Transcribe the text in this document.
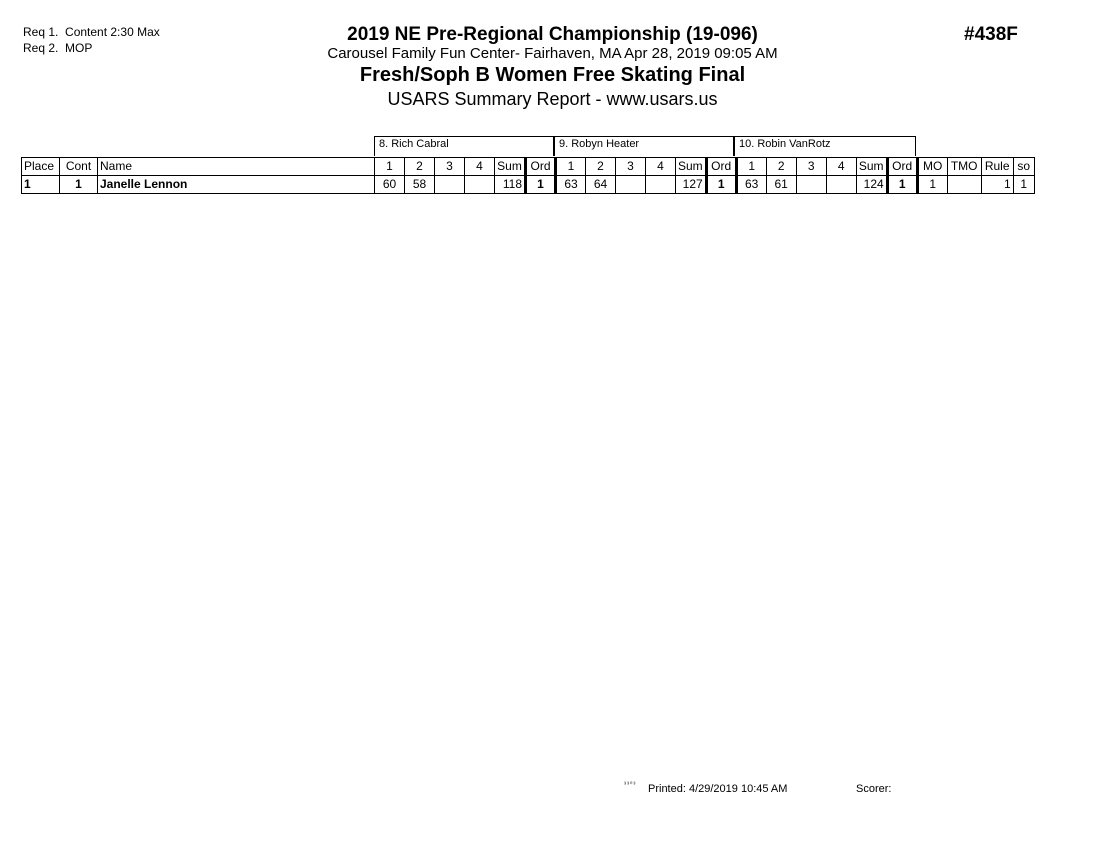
Req 1.  Content 2:30 Max
Req 2.  MOP
2019 NE Pre-Regional Championship (19-096)
Carousel Family Fun Center- Fairhaven, MA Apr 28, 2019 09:05 AM
Fresh/Soph B Women Free Skating Final
USARS Summary Report - www.usars.us
#438F
8. Rich Cabral	9. Robyn Heater	10. Robin VanRotz
Place	Cont	Name	1	2	3	4	Sum	Ord	1	2	3	4	Sum	Ord	1	2	3	4	Sum	Ord	MO	TMO	Rule	so
1	1	Janelle Lennon	60	58			118	1	63	64			127	1	63	61			124	1	1		1	1
³³⁰³ Printed: 4/29/2019 10:45 AM	Scorer:
